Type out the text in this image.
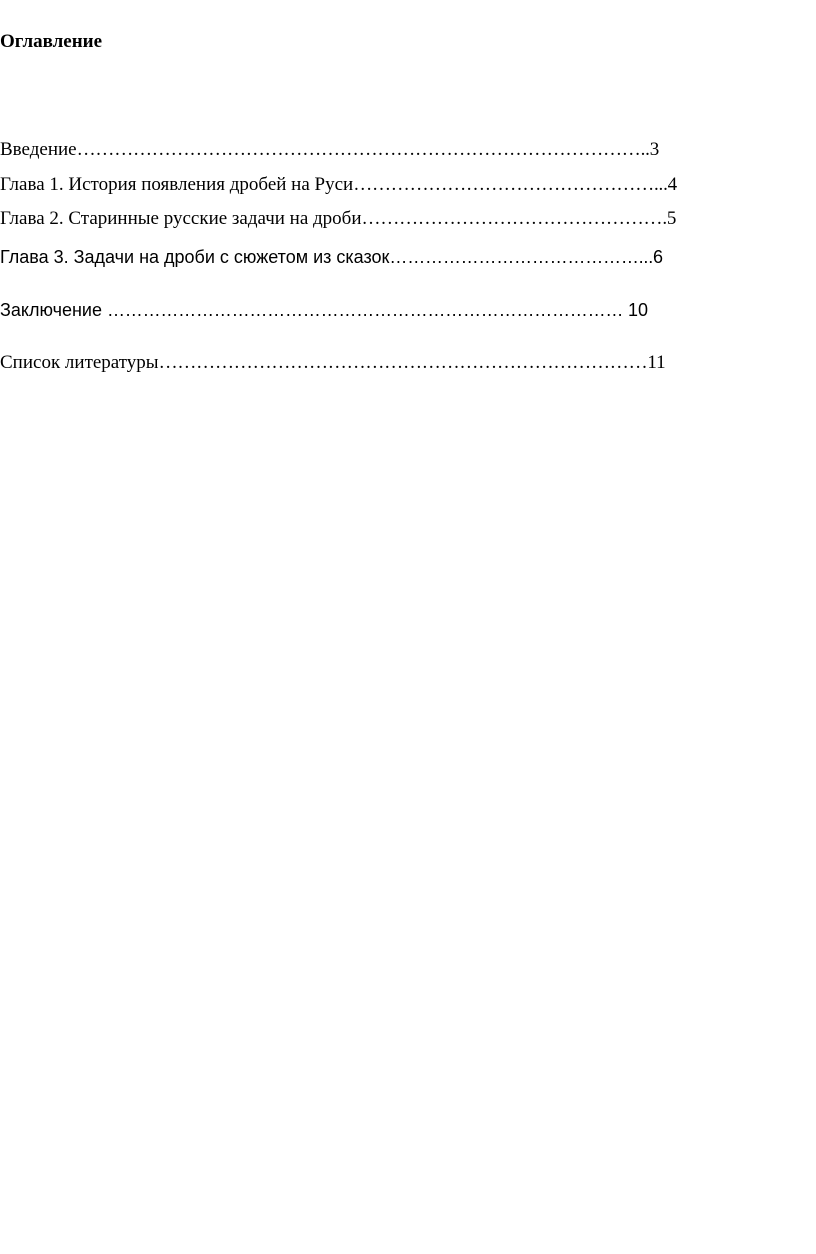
Оглавление
Введение………………………………………………………………………………..3
Глава 1. История появления дробей на Руси…………………………………………...4
Глава 2. Старинные русские задачи на дроби………………………………………….5
Глава 3. Задачи на дроби с сюжетом из сказок……………………………………...6
Заключение …………………………………………………………………………… 10
Список литературы……………………………………………………………………11
